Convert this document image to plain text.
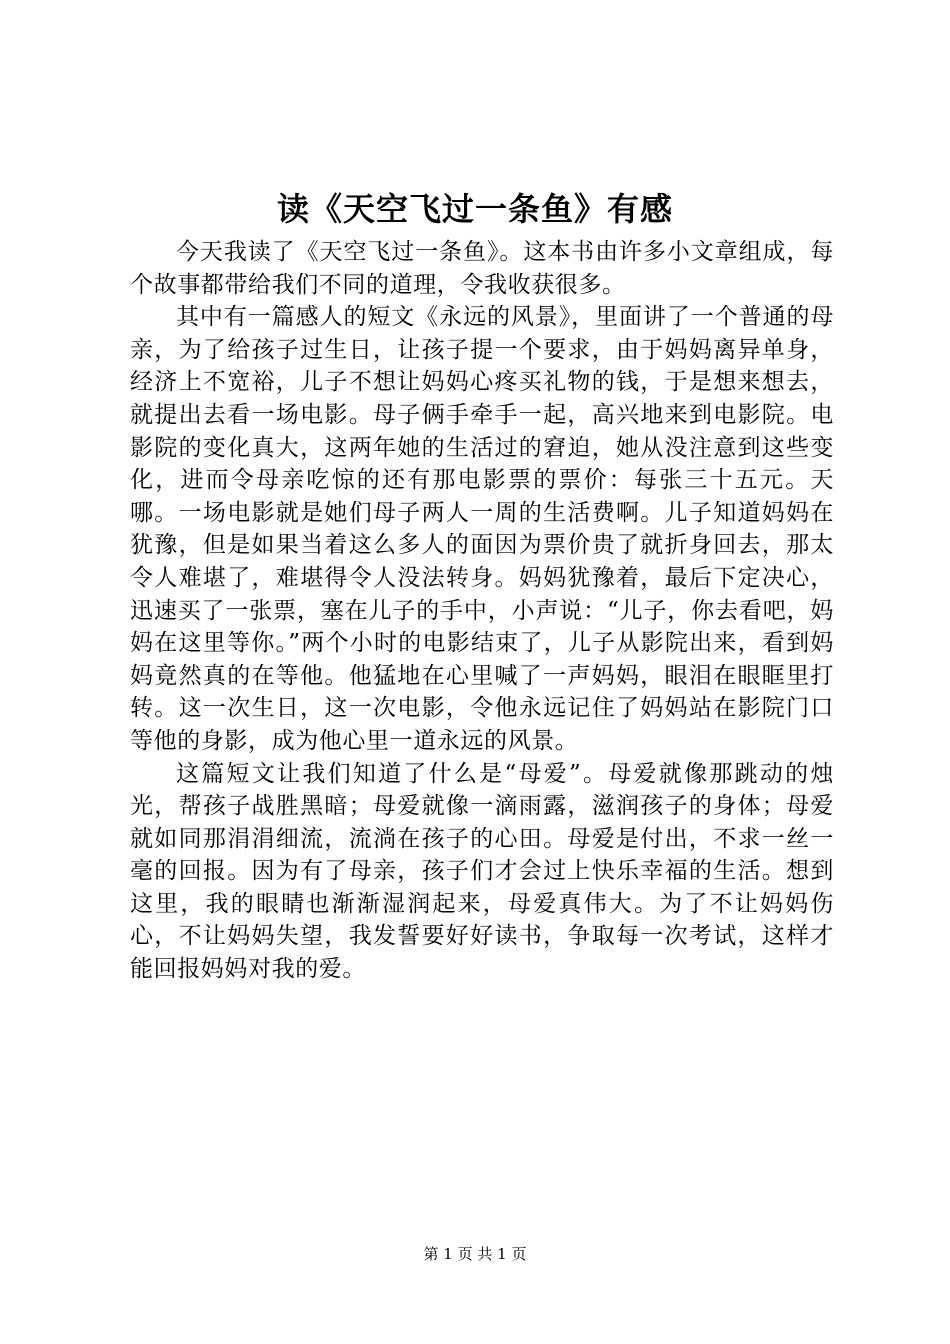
读《天空飞过一条鱼》有感

今天我读了《天空飞过一条鱼》。这本书由许多小文章组成，每个故事都带给我们不同的道理，令我收获很多。

其中有一篇感人的短文《永远的风景》，里面讲了一个普通的母亲，为了给孩子过生日，让孩子提一个要求，由于妈妈离异单身，经济上不宽裕，儿子不想让妈妈心疼买礼物的钱，于是想来想去，就提出去看一场电影。母子俩手牵手一起，高兴地来到电影院。电影院的变化真大，这两年她的生活过的窘迫，她从没注意到这些变化，进而令母亲吃惊的还有那电影票的票价：每张三十五元。天哪。一场电影就是她们母子两人一周的生活费啊。儿子知道妈妈在犹豫，但是如果当着这么多人的面因为票价贵了就折身回去，那太令人难堪了，难堪得令人没法转身。妈妈犹豫着，最后下定决心，迅速买了一张票，塞在儿子的手中，小声说：“儿子，你去看吧，妈妈在这里等你。”两个小时的电影结束了，儿子从影院出来，看到妈妈竟然真的在等他。他猛地在心里喊了一声妈妈，眼泪在眼眶里打转。这一次生日，这一次电影，令他永远记住了妈妈站在影院门口等他的身影，成为他心里一道永远的风景。

这篇短文让我们知道了什么是“母爱”。母爱就像那跳动的烛光，帮孩子战胜黑暗；母爱就像一滴雨露，滋润孩子的身体；母爱就如同那涓涓细流，流淌在孩子的心田。母爱是付出，不求一丝一毫的回报。因为有了母亲，孩子们才会过上快乐幸福的生活。想到这里，我的眼睛也渐渐湿润起来，母爱真伟大。为了不让妈妈伤心，不让妈妈失望，我发誓要好好读书，争取每一次考试，这样才能回报妈妈对我的爱。

第 1 页 共 1 页
